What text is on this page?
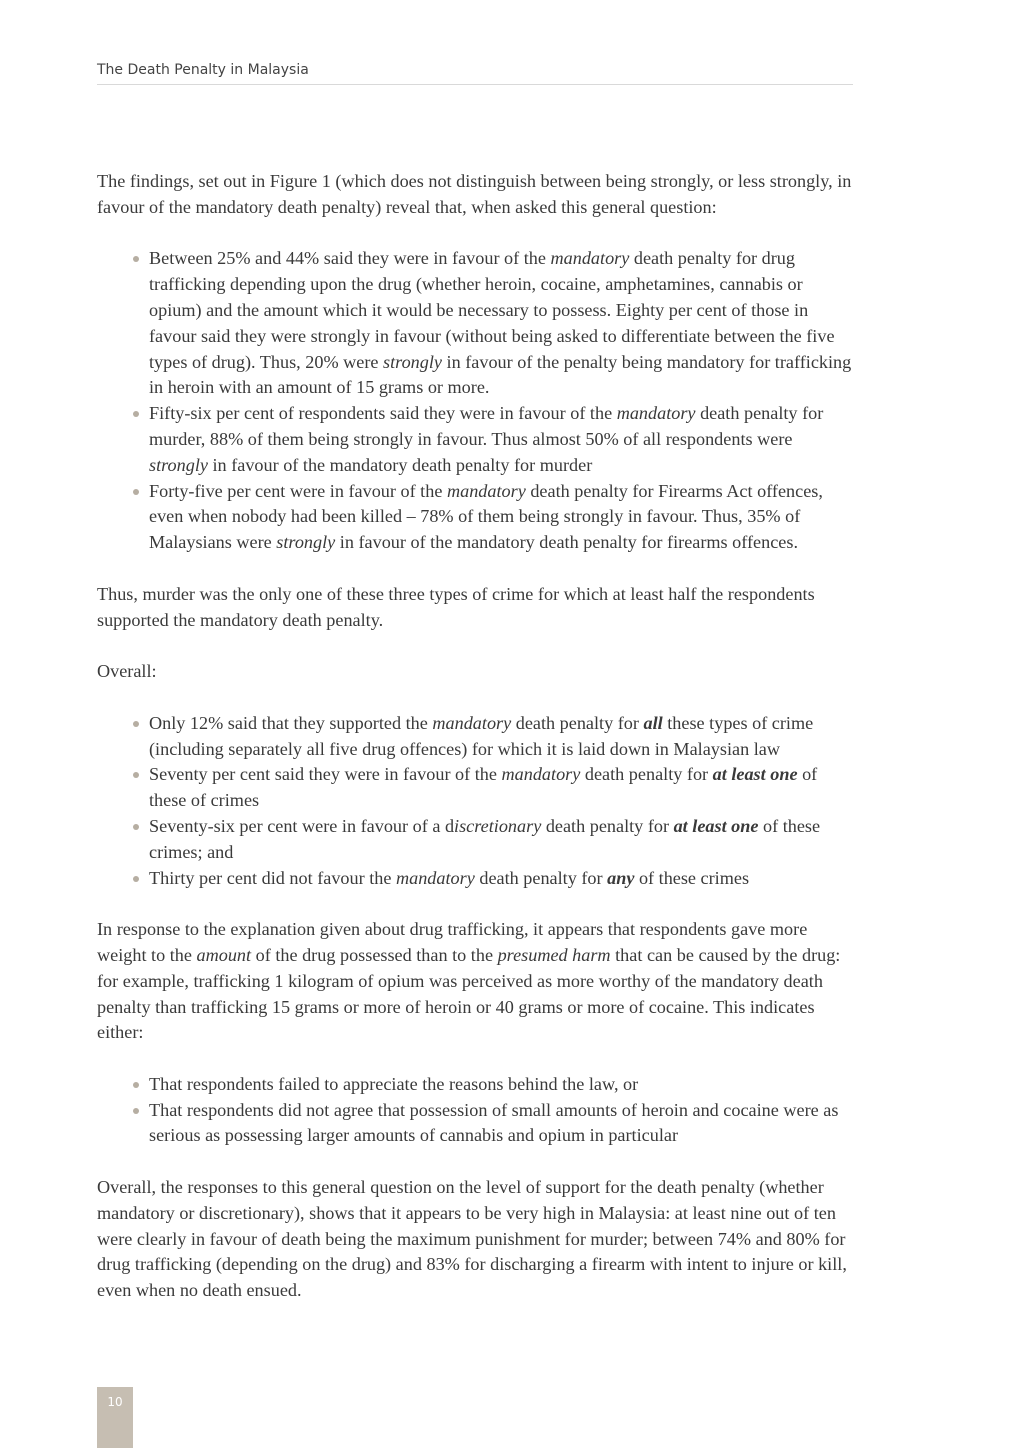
The Death Penalty in Malaysia

The findings, set out in Figure 1 (which does not distinguish between being strongly, or less strongly, in favour of the mandatory death penalty) reveal that, when asked this general question:

Between 25% and 44% said they were in favour of the mandatory death penalty for drug trafficking depending upon the drug (whether heroin, cocaine, amphetamines, cannabis or opium) and the amount which it would be necessary to possess. Eighty per cent of those in favour said they were strongly in favour (without being asked to differentiate between the five types of drug). Thus, 20% were strongly in favour of the penalty being mandatory for trafficking in heroin with an amount of 15 grams or more.
Fifty-six per cent of respondents said they were in favour of the mandatory death penalty for murder, 88% of them being strongly in favour. Thus almost 50% of all respondents were strongly in favour of the mandatory death penalty for murder
Forty-five per cent were in favour of the mandatory death penalty for Firearms Act offences, even when nobody had been killed – 78% of them being strongly in favour. Thus, 35% of Malaysians were strongly in favour of the mandatory death penalty for firearms offences.

Thus, murder was the only one of these three types of crime for which at least half the respondents supported the mandatory death penalty.

Overall:

Only 12% said that they supported the mandatory death penalty for all these types of crime (including separately all five drug offences) for which it is laid down in Malaysian law
Seventy per cent said they were in favour of the mandatory death penalty for at least one of these of crimes
Seventy-six per cent were in favour of a discretionary death penalty for at least one of these crimes; and
Thirty per cent did not favour the mandatory death penalty for any of these crimes

In response to the explanation given about drug trafficking, it appears that respondents gave more weight to the amount of the drug possessed than to the presumed harm that can be caused by the drug: for example, trafficking 1 kilogram of opium was perceived as more worthy of the mandatory death penalty than trafficking 15 grams or more of heroin or 40 grams or more of cocaine. This indicates either:

That respondents failed to appreciate the reasons behind the law, or
That respondents did not agree that possession of small amounts of heroin and cocaine were as serious as possessing larger amounts of cannabis and opium in particular

Overall, the responses to this general question on the level of support for the death penalty (whether mandatory or discretionary), shows that it appears to be very high in Malaysia: at least nine out of ten were clearly in favour of death being the maximum punishment for murder; between 74% and 80% for drug trafficking (depending on the drug) and 83% for discharging a firearm with intent to injure or kill, even when no death ensued.

10
